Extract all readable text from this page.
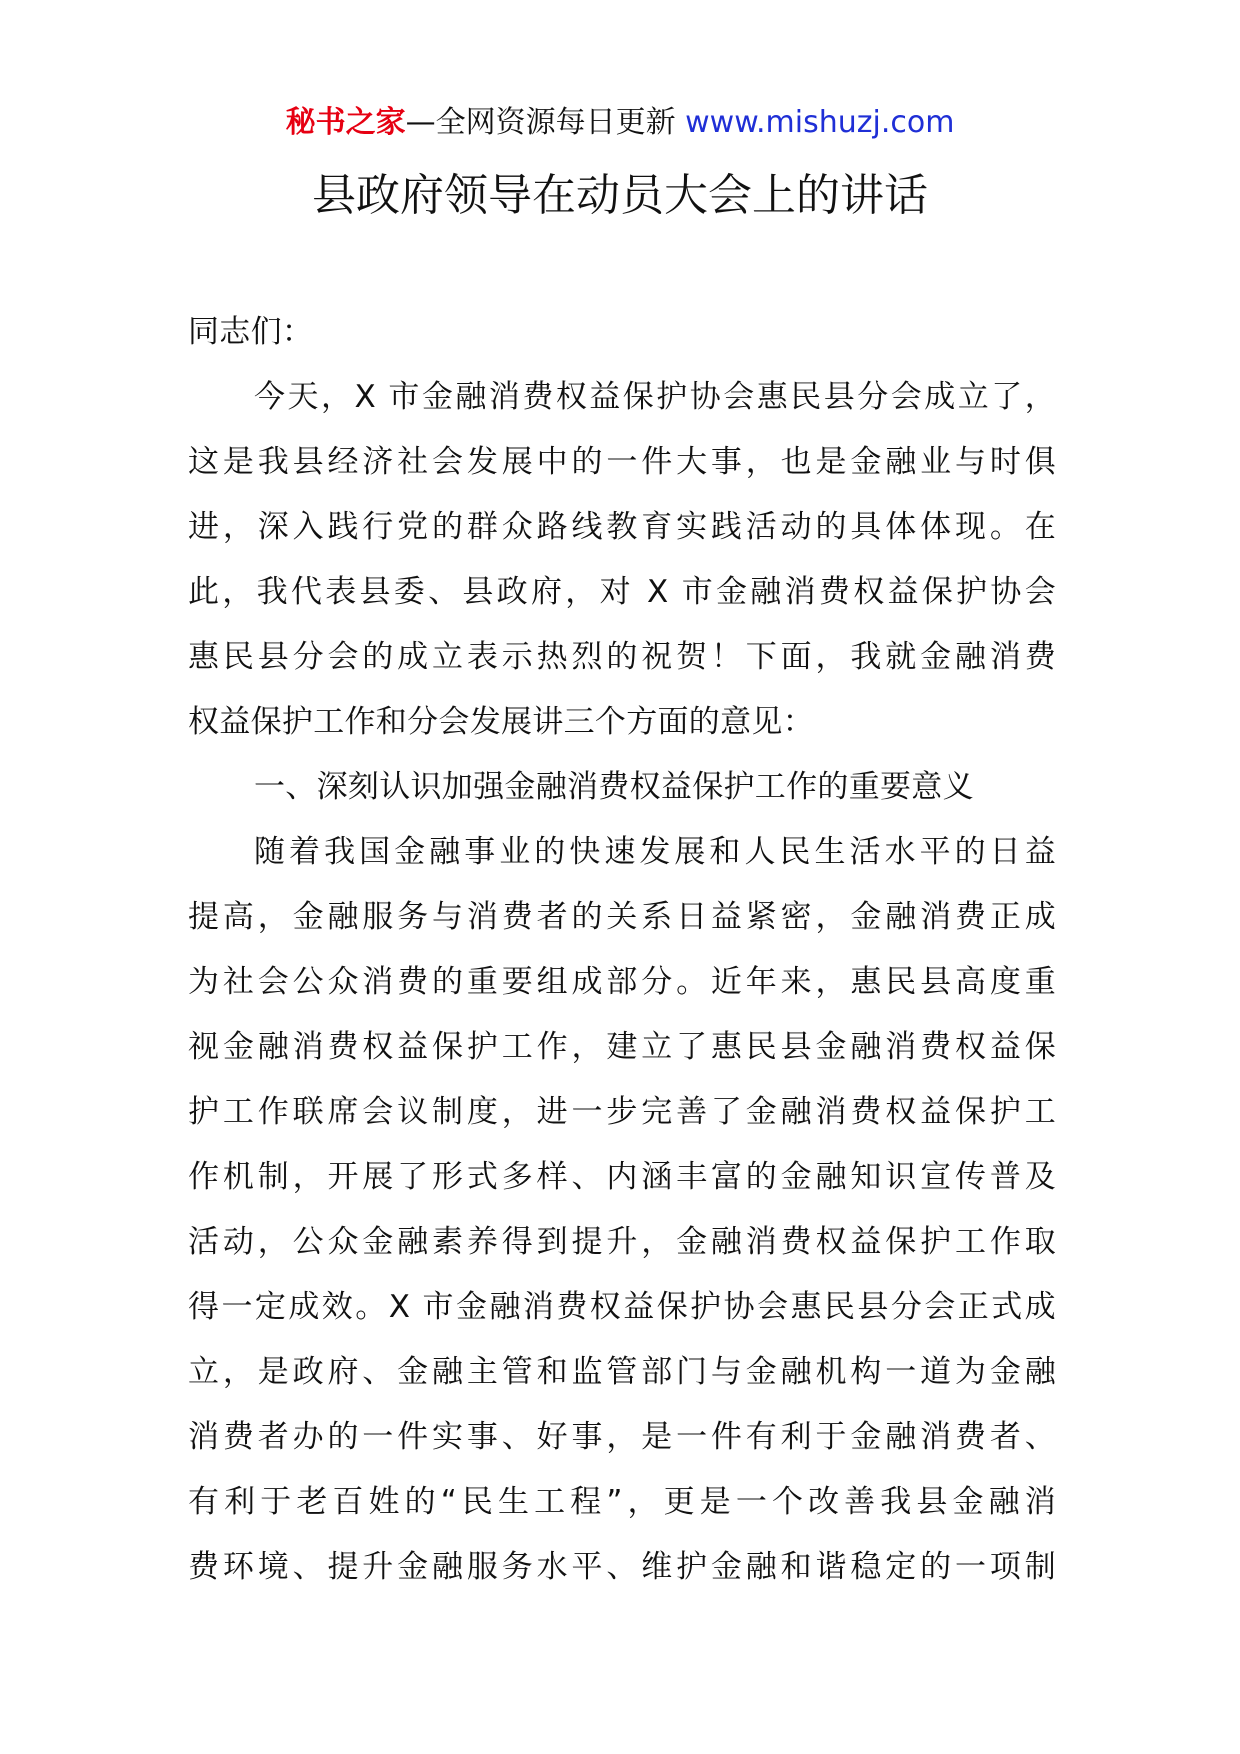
秘书之家—全网资源每日更新 www.mishuzj.com
县政府领导在动员大会上的讲话
同志们：
今天，X 市金融消费权益保护协会惠民县分会成立了，
这是我县经济社会发展中的一件大事，也是金融业与时俱
进，深入践行党的群众路线教育实践活动的具体体现。在
此，我代表县委、县政府，对 X 市金融消费权益保护协会
惠民县分会的成立表示热烈的祝贺！下面，我就金融消费
权益保护工作和分会发展讲三个方面的意见：
一、深刻认识加强金融消费权益保护工作的重要意义
随着我国金融事业的快速发展和人民生活水平的日益
提高，金融服务与消费者的关系日益紧密，金融消费正成
为社会公众消费的重要组成部分。近年来，惠民县高度重
视金融消费权益保护工作，建立了惠民县金融消费权益保
护工作联席会议制度，进一步完善了金融消费权益保护工
作机制，开展了形式多样、内涵丰富的金融知识宣传普及
活动，公众金融素养得到提升，金融消费权益保护工作取
得一定成效。X 市金融消费权益保护协会惠民县分会正式成
立，是政府、金融主管和监管部门与金融机构一道为金融
消费者办的一件实事、好事，是一件有利于金融消费者、
有利于老百姓的“民生工程”，更是一个改善我县金融消
费环境、提升金融服务水平、维护金融和谐稳定的一项制
